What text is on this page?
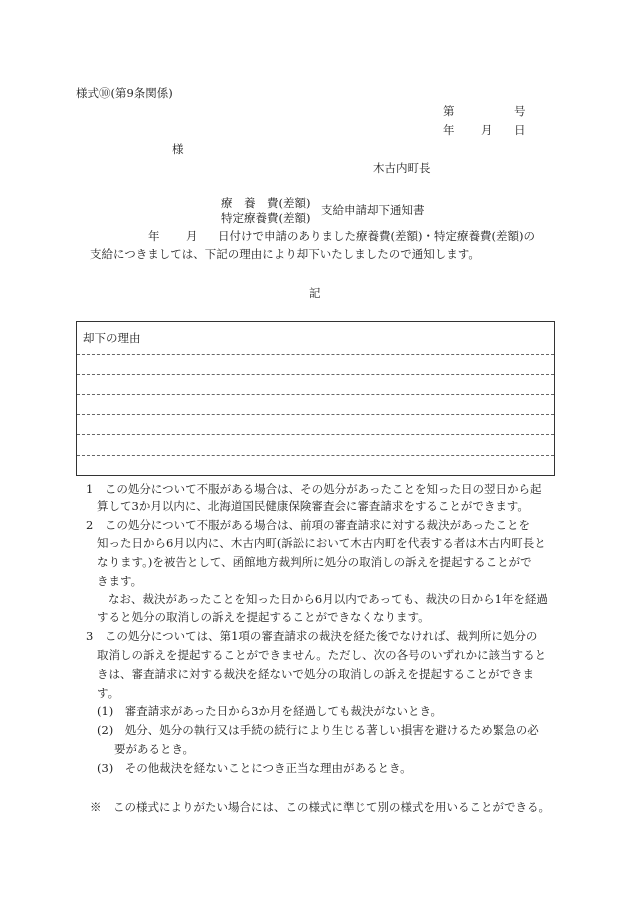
様式⑩(第9条関係)
第	号
年 月 日
様
木古内町長
療　養　費(差額)
特定療養費(差額)
支給申請却下通知書
年 月 日付けで申請のありました療養費(差額)・特定療養費(差額)の
支給につきましては、下記の理由により却下いたしましたので通知します。
記
却下の理由
1　この処分について不服がある場合は、その処分があったことを知った日の翌日から起
算して3か月以内に、北海道国民健康保険審査会に審査請求をすることができます。
2　この処分について不服がある場合は、前項の審査請求に対する裁決があったことを
知った日から6月以内に、木古内町(訴訟において木古内町を代表する者は木古内町長と
なります。)を被告として、函館地方裁判所に処分の取消しの訴えを提起することがで
きます。
なお、裁決があったことを知った日から6月以内であっても、裁決の日から1年を経過
すると処分の取消しの訴えを提起することができなくなります。
3　この処分については、第1項の審査請求の裁決を経た後でなければ、裁判所に処分の
取消しの訴えを提起することができません。ただし、次の各号のいずれかに該当すると
きは、審査請求に対する裁決を経ないで処分の取消しの訴えを提起することができま
す。
(1)　審査請求があった日から3か月を経過しても裁決がないとき。
(2)　処分、処分の執行又は手続の続行により生じる著しい損害を避けるため緊急の必
要があるとき。
(3)　その他裁決を経ないことにつき正当な理由があるとき。
※　この様式によりがたい場合には、この様式に準じて別の様式を用いることができる。
